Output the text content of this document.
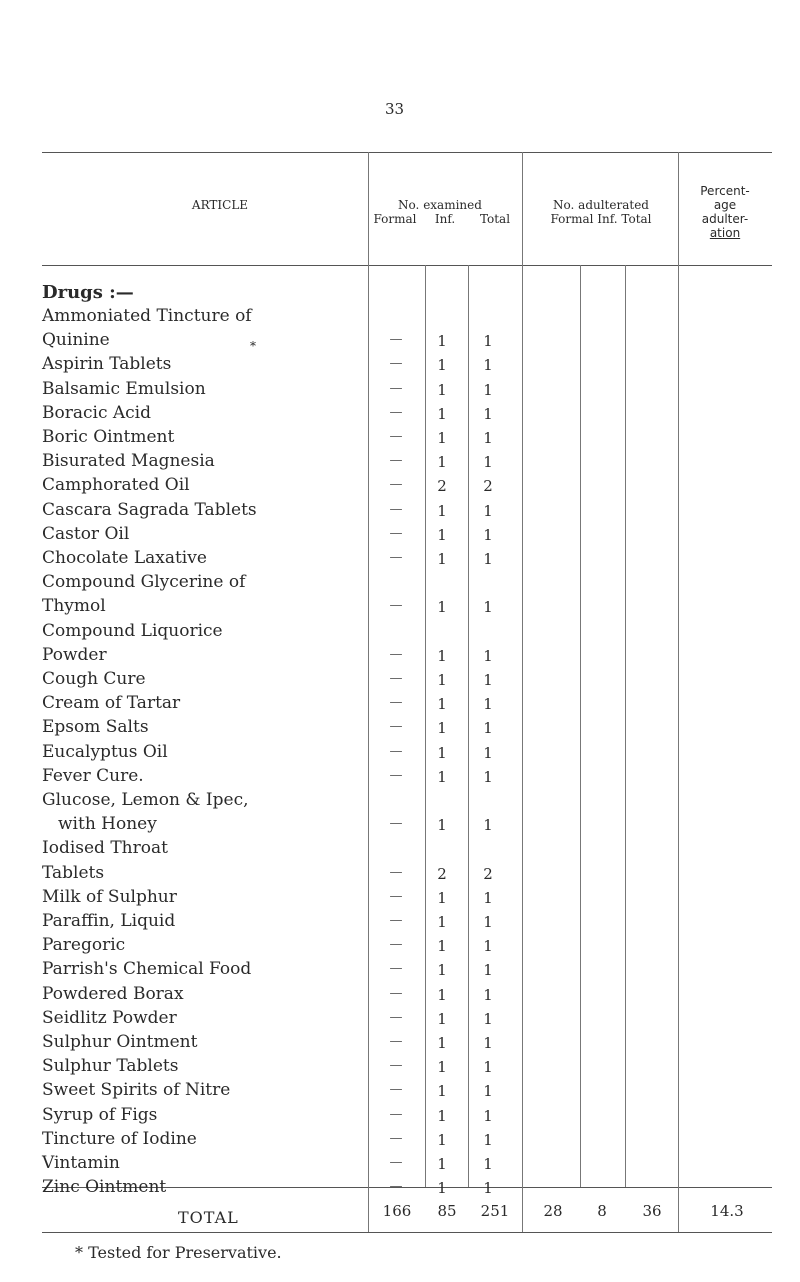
33
ARTICLE	No. examined
Formal	Inf.	Total
No. adulterated
Formal Inf. Total
Percent-
age
adulter-
ation
Drugs :—
*
Ammoniated Tincture of
Quinine	—	1	1
Aspirin Tablets	—	1	1
Balsamic Emulsion	—	1	1
Boracic Acid	—	1	1
Boric Ointment	—	1	1
Bisurated Magnesia	—	1	1
Camphorated Oil	—	2	2
Cascara Sagrada Tablets	—	1	1
Castor Oil	—	1	1
Chocolate Laxative	—	1	1
Compound Glycerine of
Thymol	—	1	1
Compound Liquorice
Powder	—	1	1
Cough Cure	—	1	1
Cream of Tartar	—	1	1
Epsom Salts	—	1	1
Eucalyptus Oil	—	1	1
Fever Cure.	—	1	1
Glucose, Lemon & Ipec,
with Honey	—	1	1
Iodised Throat
Tablets	—	2	2
Milk of Sulphur	—	1	1
Paraffin, Liquid	—	1	1
Paregoric	—	1	1
Parrish's Chemical Food	—	1	1
Powdered Borax	—	1	1
Seidlitz Powder	—	1	1
Sulphur Ointment	—	1	1
Sulphur Tablets	—	1	1
Sweet Spirits of Nitre	—	1	1
Syrup of Figs	—	1	1
Tincture of Iodine	—	1	1
Vintamin	—	1	1
Zinc Ointment	—	1	1
TOTAL	166	85	251	28	8	36	14.3
* Tested for Preservative.
